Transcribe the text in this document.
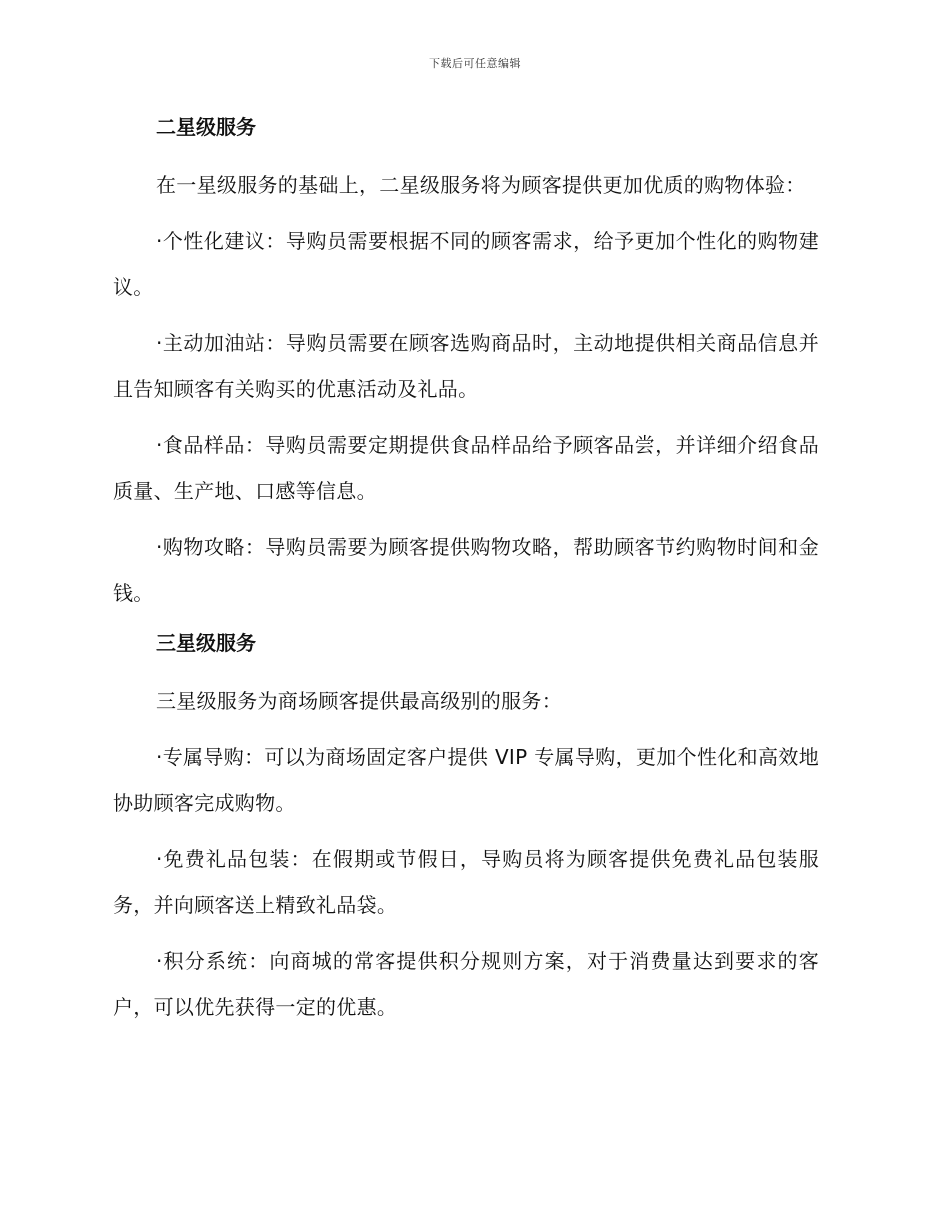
下载后可任意编辑
二星级服务

在一星级服务的基础上，二星级服务将为顾客提供更加优质的购物体验：

·个性化建议：导购员需要根据不同的顾客需求，给予更加个性化的购物建议。

·主动加油站：导购员需要在顾客选购商品时，主动地提供相关商品信息并且告知顾客有关购买的优惠活动及礼品。

·食品样品：导购员需要定期提供食品样品给予顾客品尝，并详细介绍食品质量、生产地、口感等信息。

·购物攻略：导购员需要为顾客提供购物攻略，帮助顾客节约购物时间和金钱。

三星级服务

三星级服务为商场顾客提供最高级别的服务：

·专属导购：可以为商场固定客户提供 VIP 专属导购，更加个性化和高效地协助顾客完成购物。

·免费礼品包装：在假期或节假日，导购员将为顾客提供免费礼品包装服务，并向顾客送上精致礼品袋。

·积分系统：向商城的常客提供积分规则方案，对于消费量达到要求的客户，可以优先获得一定的优惠。
